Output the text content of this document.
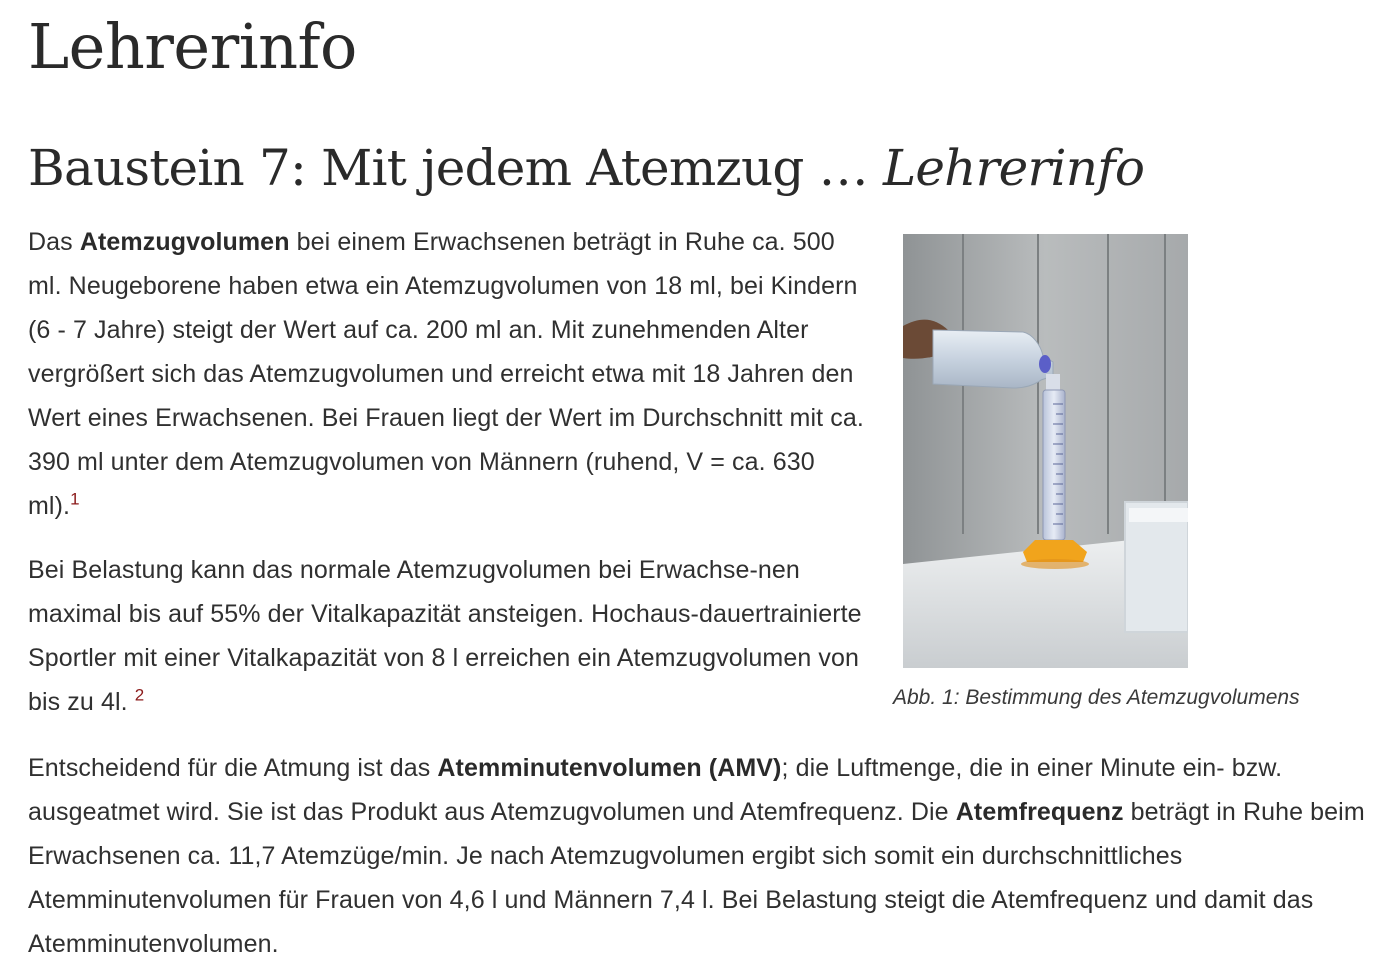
Lehrerinfo
Baustein 7: Mit jedem Atemzug … Lehrerinfo

Das Atemzugvolumen bei einem Erwachsenen beträgt in Ruhe ca. 500 ml. Neugeborene haben etwa ein Atemzugvolumen von 18 ml, bei Kindern (6 - 7 Jahre) steigt der Wert auf ca. 200 ml an. Mit zunehmenden Alter vergrößert sich das Atemzugvolumen und erreicht etwa mit 18 Jahren den Wert eines Erwachsenen. Bei Frauen liegt der Wert im Durchschnitt mit ca. 390 ml unter dem Atemzugvolumen von Männern (ruhend, V = ca. 630 ml).$^1$

Abb. 1: Bestimmung des Atemzugvolumens

Bei Belastung kann das normale Atemzugvolumen bei Erwachse-nen maximal bis auf 55% der Vitalkapazität ansteigen. Hochaus-dauertrainierte Sportler mit einer Vitalkapazität von 8 l erreichen ein Atemzugvolumen von bis zu 4l. $^2$

Entscheidend für die Atmung ist das Atemminutenvolumen (AMV); die Luftmenge, die in einer Minute ein- bzw. ausgeatmet wird. Sie ist das Produkt aus Atemzugvolumen und Atemfrequenz. Die Atemfrequenz beträgt in Ruhe beim Erwachsenen ca. 11,7 Atemzüge/min. Je nach Atemzugvolumen ergibt sich somit ein durchschnittliches Atemminutenvolumen für Frauen von 4,6 l und Männern 7,4 l. Bei Belastung steigt die Atemfrequenz und damit das Atemminutenvolumen.
